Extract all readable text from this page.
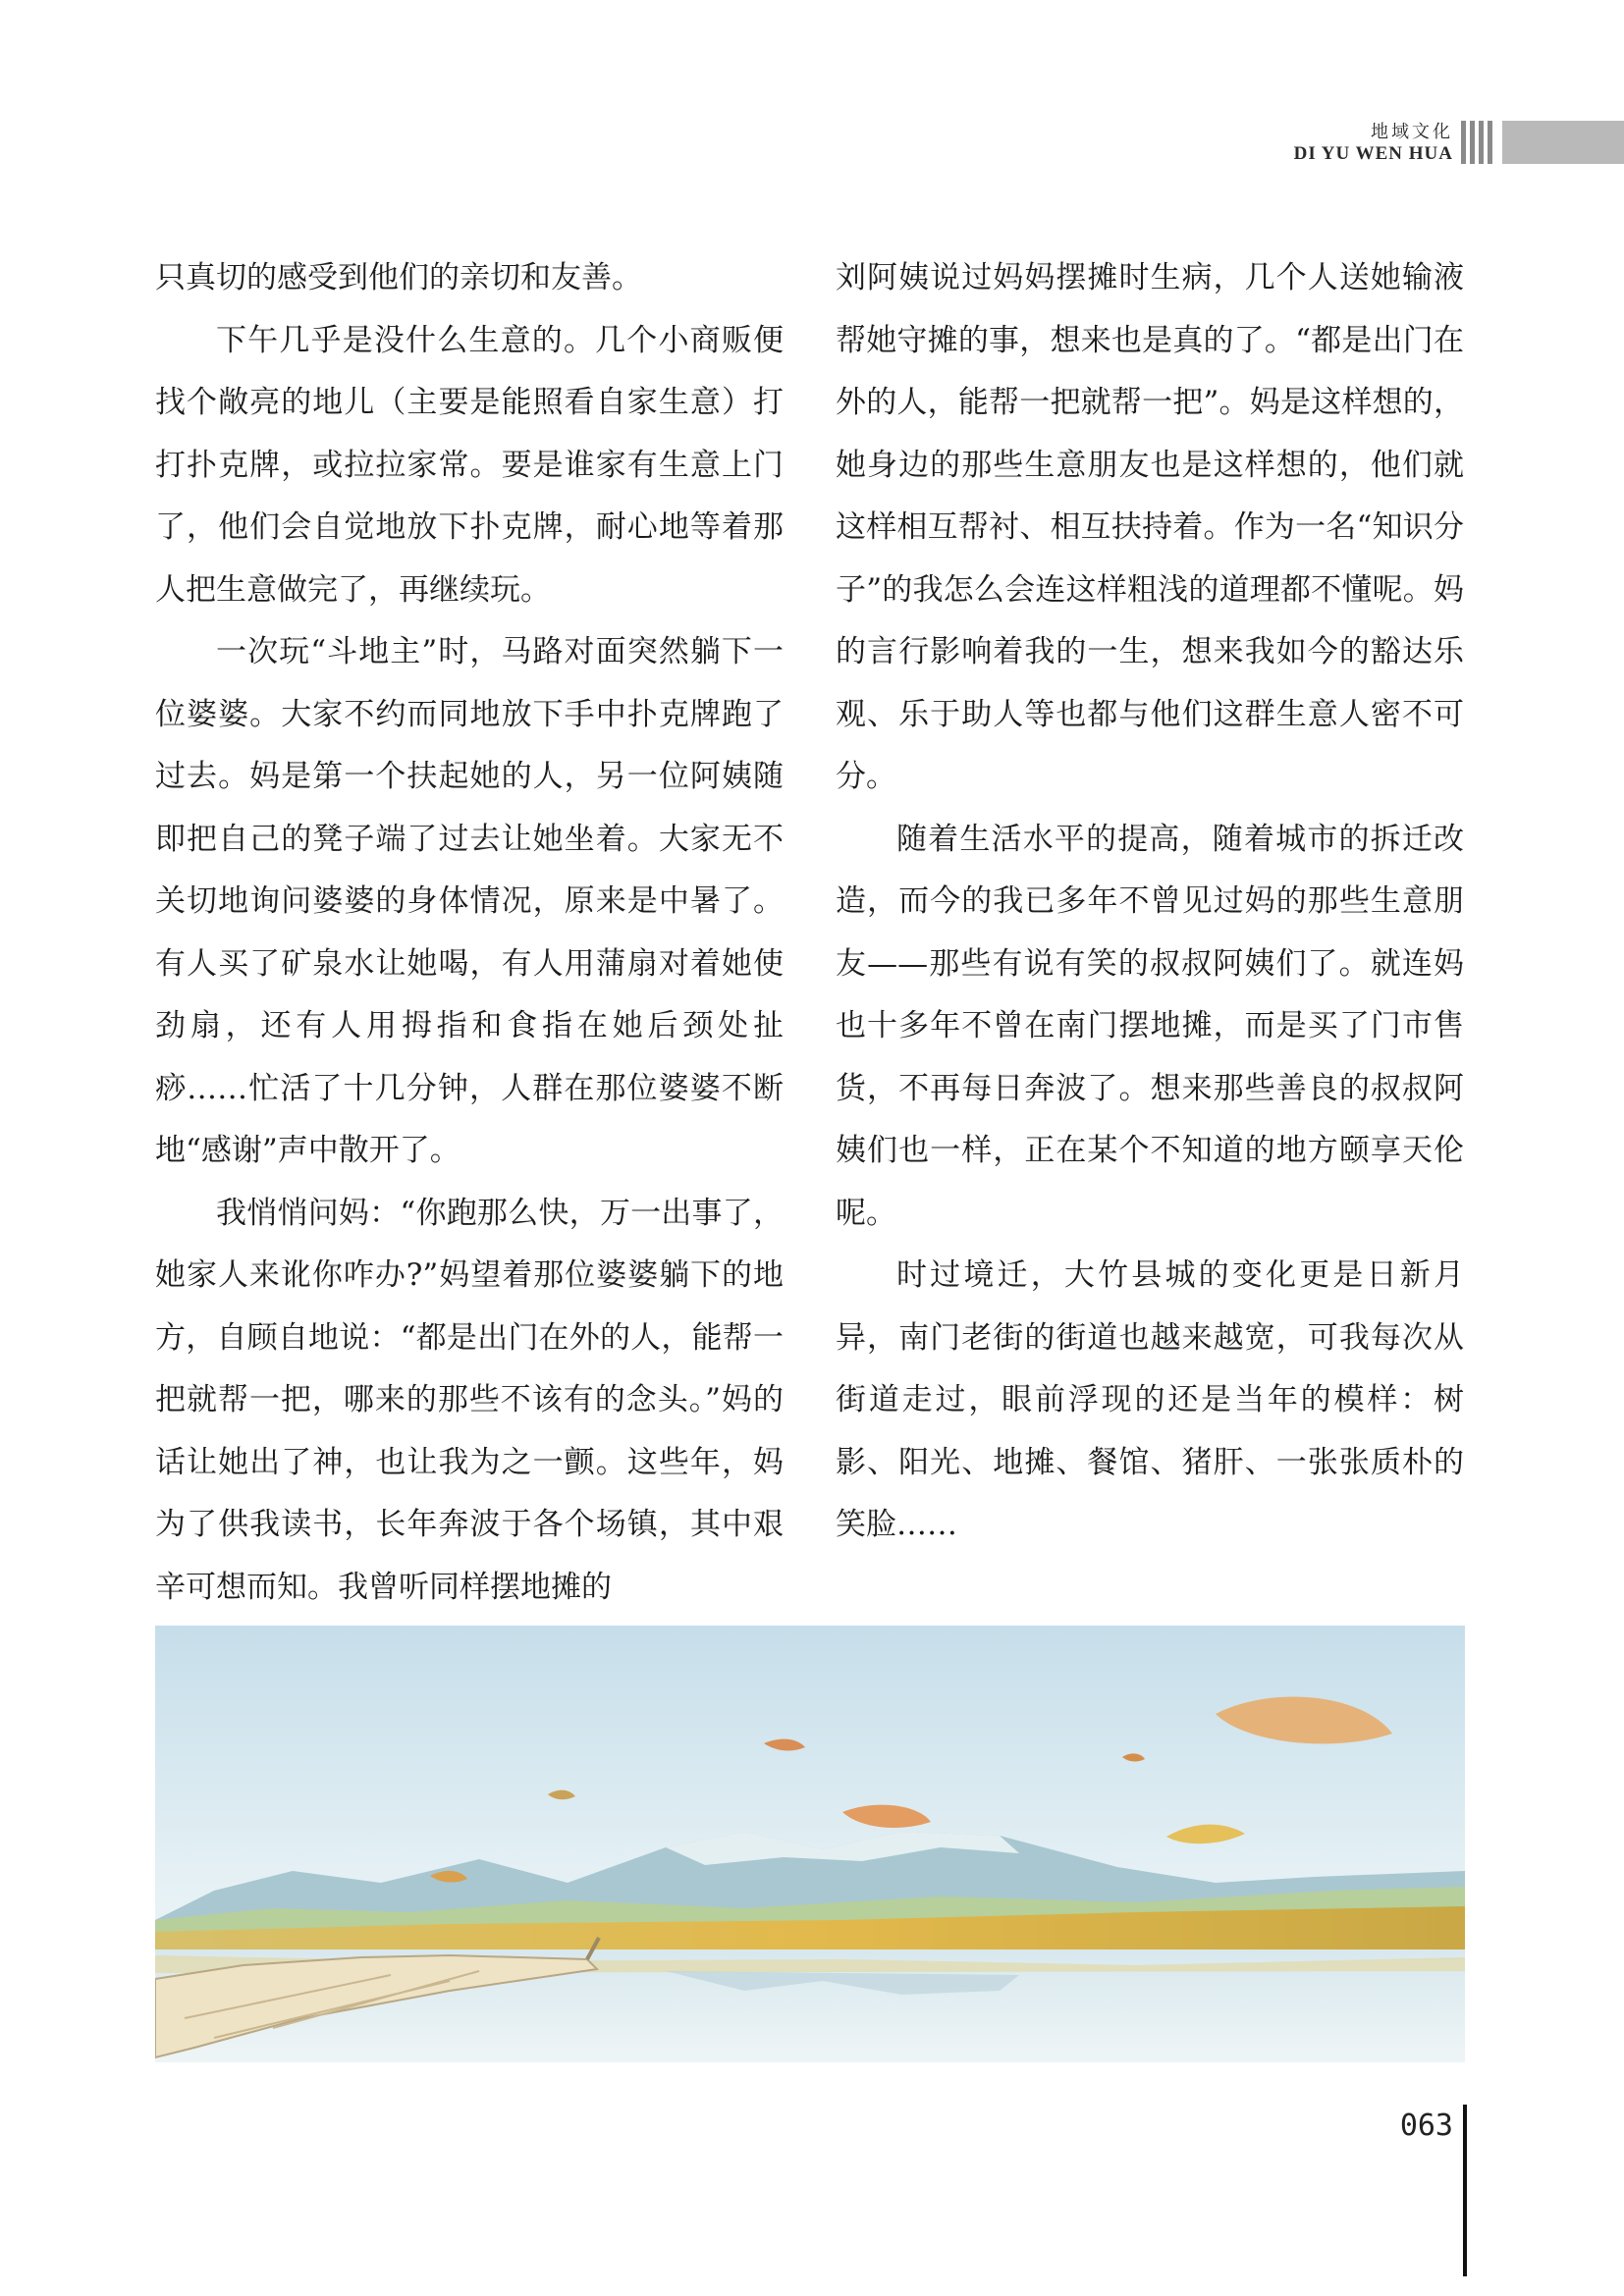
地域文化
DI YU WEN HUA

只真切的感受到他们的亲切和友善。

下午几乎是没什么生意的。几个小商贩便找个敞亮的地儿（主要是能照看自家生意）打打扑克牌，或拉拉家常。要是谁家有生意上门了，他们会自觉地放下扑克牌，耐心地等着那人把生意做完了，再继续玩。

一次玩“斗地主”时，马路对面突然躺下一位婆婆。大家不约而同地放下手中扑克牌跑了过去。妈是第一个扶起她的人，另一位阿姨随即把自己的凳子端了过去让她坐着。大家无不关切地询问婆婆的身体情况，原来是中暑了。有人买了矿泉水让她喝，有人用蒲扇对着她使劲扇，还有人用拇指和食指在她后颈处扯痧……忙活了十几分钟，人群在那位婆婆不断地“感谢”声中散开了。

我悄悄问妈：“你跑那么快，万一出事了，她家人来讹你咋办?”妈望着那位婆婆躺下的地方，自顾自地说：“都是出门在外的人，能帮一把就帮一把，哪来的那些不该有的念头。”妈的话让她出了神，也让我为之一颤。这些年，妈为了供我读书，长年奔波于各个场镇，其中艰辛可想而知。我曾听同样摆地摊的

刘阿姨说过妈妈摆摊时生病，几个人送她输液帮她守摊的事，想来也是真的了。“都是出门在外的人，能帮一把就帮一把”。妈是这样想的，她身边的那些生意朋友也是这样想的，他们就这样相互帮衬、相互扶持着。作为一名“知识分子”的我怎么会连这样粗浅的道理都不懂呢。妈的言行影响着我的一生，想来我如今的豁达乐观、乐于助人等也都与他们这群生意人密不可分。

随着生活水平的提高，随着城市的拆迁改造，而今的我已多年不曾见过妈的那些生意朋友——那些有说有笑的叔叔阿姨们了。就连妈也十多年不曾在南门摆地摊，而是买了门市售货，不再每日奔波了。想来那些善良的叔叔阿姨们也一样，正在某个不知道的地方颐享天伦呢。

时过境迁，大竹县城的变化更是日新月异，南门老街的街道也越来越宽，可我每次从街道走过，眼前浮现的还是当年的模样：树影、阳光、地摊、餐馆、猪肝、一张张质朴的笑脸……

063
